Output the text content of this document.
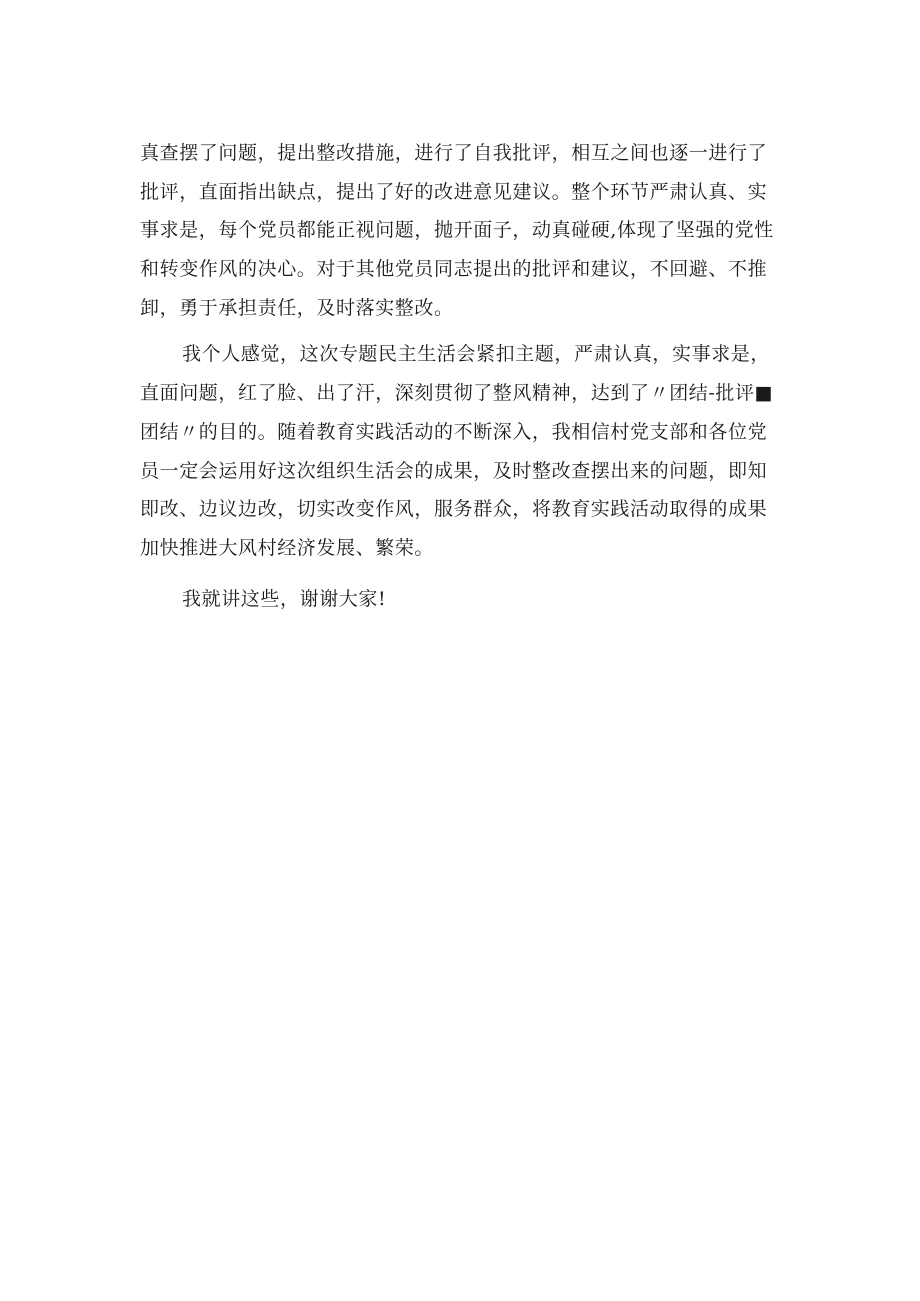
真查摆了问题，提出整改措施，进行了自我批评，相互之间也逐一进行了
批评，直面指出缺点，提出了好的改进意见建议。整个环节严肃认真、实
事求是，每个党员都能正视问题，抛开面子，动真碰硬,体现了坚强的党性
和转变作风的决心。对于其他党员同志提出的批评和建议，不回避、不推
卸，勇于承担责任，及时落实整改。
我个人感觉，这次专题民主生活会紧扣主题，严肃认真，实事求是，
直面问题，红了脸、出了汗，深刻贯彻了整风精神，达到了〃团结-批评■
团结〃的目的。随着教育实践活动的不断深入，我相信村党支部和各位党
员一定会运用好这次组织生活会的成果，及时整改查摆出来的问题，即知
即改、边议边改，切实改变作风，服务群众，将教育实践活动取得的成果
加快推进大风村经济发展、繁荣。
我就讲这些，谢谢大家!
